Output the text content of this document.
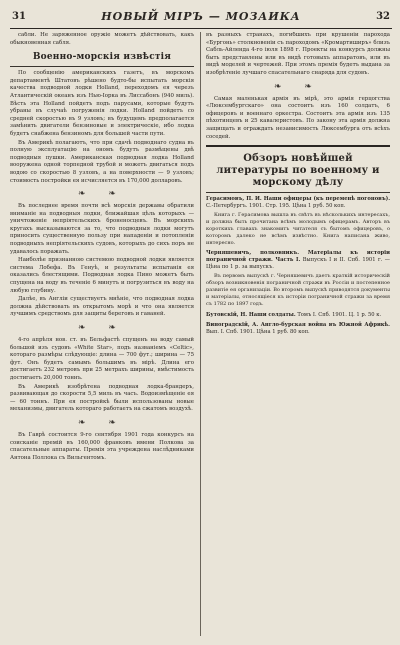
31	НОВЫЙ МІРЪ — МОЗАИКА	32

сабли. Не заряженное оружіе можетъ дѣйствовать, какъ обыкновенная сабля.

Военно-морскія извѣстія

По сообщенію американскихъ газетъ, въ морскомъ департаментѣ Штатовъ рѣшено будто-бы испытать морскія качества подводной лодки Holland, переходомъ ея черезъ Атлантическій океанъ изъ Нью-Іорка въ Лиссабонъ (940 миль). Вѣсть эта Holland пойдетъ подъ парусами, которые будутъ убраны въ случаѣ погруженія лодки. Holland пойдетъ со средней скоростью въ 9 узловъ; въ будущемъ предполагается замѣнить двигатели бензиновые и электрическіе, ибо лодка будетъ снабжена бензиномъ для большей части пути.

Въ Америкѣ полагаютъ, что при сдачѣ подводнаго судна въ полную эксплуатацію на ономъ будутъ размѣщены двѣ подводныя пушки. Американская подводная лодка Holland вооружена одной торпедной трубой и можетъ двигаться подъ водою со скоростью 8 узловъ, а на поверхности — 9 узловъ; стоимость постройки ея исчисляется въ 170,000 долларовъ.

❧ ❧

Въ последнее время почти всѣ морскія державы обратили вниманіе на подводныя лодки, ближайшая цѣль которыхъ — уничтоженіе непріятельскихъ броненосцевъ. Въ морскихъ кругахъ высказываются за то, что подводныя лодки могутъ приносить существенную пользу при нападеніи и потопленіи подводныхъ непріятельскихъ судовъ, которыхъ до сихъ поръ не удавалось поражать.

Наиболѣе признанною системою подводной лодки является система Лобефа. Въ Генуѣ, и результаты испытанія ея оказались блестящими. Подводная лодка Пино можетъ быть спущена на воду въ теченіе 6 минутъ и погрузиться въ воду на любую глубину.

Далѣе, въ Англіи существуетъ мнѣніе, что подводная лодка должна дѣйствовать въ открытомъ морѣ и что она является лучшимъ средствомъ для защиты береговъ и гаваней.

❧ ❧

4-го апрѣля нов. ст. въ Бельфастѣ спущенъ на воду самый большой изъ судовъ «White Star», подъ названіемъ «Celtic», котораго размѣры слѣдующіе: длина — 700 фут.; ширина — 75 фут. Онъ будетъ самымъ большимъ въ мірѣ. Длина его достигаетъ 232 метровъ при 25 метрахъ ширины, вмѣстимость достигаетъ 20,000 тоннъ.

Въ Америкѣ изобрѣтена подводная лодка-брандеръ, развивающая до скорости 5,5 миль въ часъ. Водоизмѣщеніе ея — 60 тоннъ. При ея постройкѣ были использованы новые механизмы, двигатель котораго работаетъ на сжатомъ воздухѣ.

❧ ❧

Въ Гаврѣ состоится 9-го сентября 1901 года конкурсъ на соисканіе премій въ 160,000 франковъ имени Полкова за спасательные аппараты. Премія эта учреждена наслѣдниками Антона Поллока съ Вильгентомъ.

въ разныхъ странахъ, погибшихъ при крушеніи парохода «Бургонь» столкновеніи съ пароходомъ «Кромартиширъ» близъ Сабль-Айленда 4-го іюля 1898 г. Проекты на конкурсъ должны быть представлены или въ видѣ готовыхъ аппаратовъ, или въ видѣ моделей и чертежей. При этомъ премія будетъ выдана за изобрѣтеніе лучшаго спасательнаго снаряда для судовъ.

❧ ❧

Самая маленькая армія въ мірѣ, это армія герцогства «Люксембургскаго» она состоитъ изъ 160 солдатъ, 6 офицеровъ и военнаго оркестра. Состоитъ эта армія изъ 135 пѣхотинцевъ и 25 кавалеристовъ. По закону эта армія должна защищать и ограждать независимость Люксембурга отъ всѣхъ соседей.

Обзоръ новѣйшей литературы по военному и морскому дѣлу
Герасимовъ, П. И. Наши офицеры (къ переменѣ погоновъ). С.-Петербургъ. 1901. Стр. 195. Цѣна 1 руб. 50 коп.

Книга г. Герасимова вышла въ свѣтъ въ нѣсколькихъ интересахъ, и должна быть прочитана всѣмъ молодымъ офицерамъ. Авторъ въ короткихъ главахъ знакомитъ читателя съ бытомъ офицеровъ, о которомъ далеко не всѣмъ извѣстно. Книга написана живо, интересно.

Черняшевичъ, полковникъ. Матеріалы къ исторіи пограничной стражи. Часть I. Выпускъ I и II. Спб. 1901 г. — Цѣна по 1 р. за выпускъ.

Въ первомъ выпускѣ г. Черняшевичъ даетъ краткій историческій обзоръ возникновенія пограничной стражи въ Россіи и постепенное развитіе ея организаціи. Во второмъ выпускѣ приводятся документы и матеріалы, относящіеся къ исторіи пограничной стражи за время съ 1782 по 1897 годъ.

Бутовскій, Н. Наши солдаты. Томъ I. Спб. 1901. Ц. 1 р. 50 к.
Виноградскій, А. Англо-бурская война въ Южной Африкѣ. Вып. I. Спб. 1901. Цѣна 1 руб. 80 коп.
